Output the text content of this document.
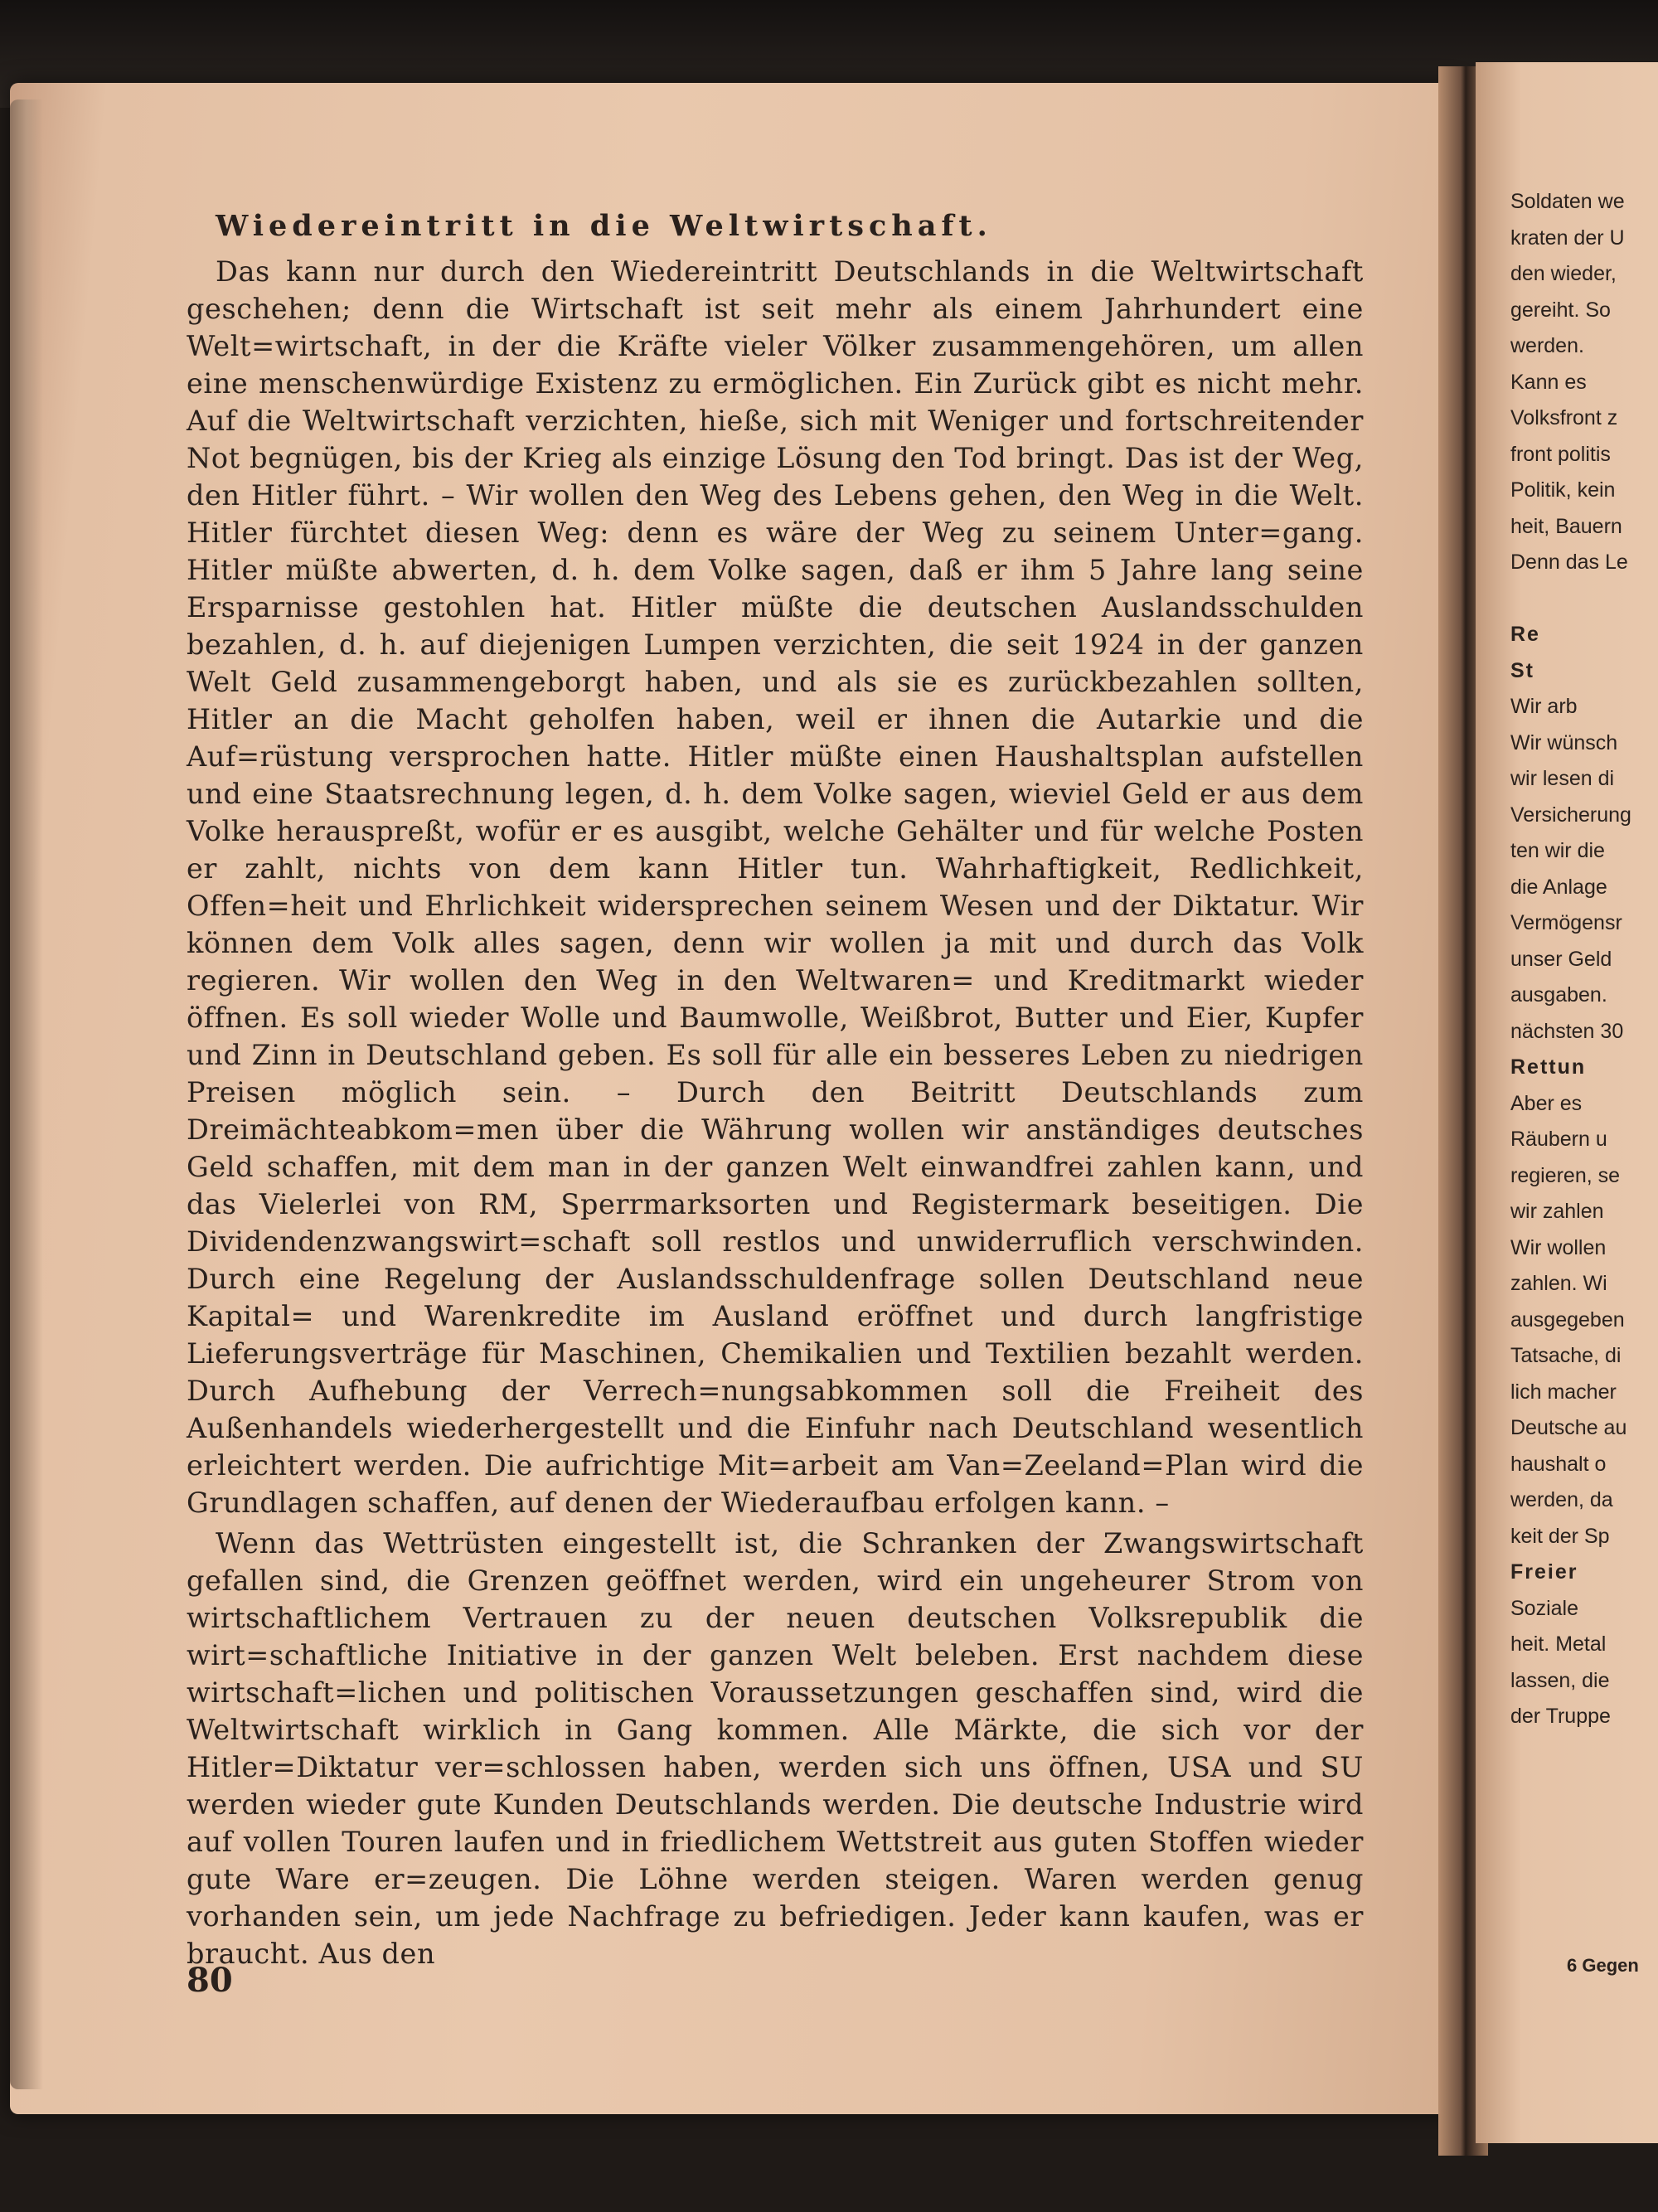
Wiedereintritt in die Weltwirtschaft.

Das kann nur durch den Wiedereintritt Deutschlands in die Weltwirtschaft geschehen; denn die Wirtschaft ist seit mehr als einem Jahrhundert eine Welt=wirtschaft, in der die Kräfte vieler Völker zusammengehören, um allen eine menschenwürdige Existenz zu ermöglichen. Ein Zurück gibt es nicht mehr. Auf die Weltwirtschaft verzichten, hieße, sich mit Weniger und fortschreitender Not begnügen, bis der Krieg als einzige Lösung den Tod bringt. Das ist der Weg, den Hitler führt. – Wir wollen den Weg des Lebens gehen, den Weg in die Welt. Hitler fürchtet diesen Weg: denn es wäre der Weg zu seinem Unter=gang. Hitler müßte abwerten, d. h. dem Volke sagen, daß er ihm 5 Jahre lang seine Ersparnisse gestohlen hat. Hitler müßte die deutschen Auslandsschulden bezahlen, d. h. auf diejenigen Lumpen verzichten, die seit 1924 in der ganzen Welt Geld zusammengeborgt haben, und als sie es zurückbezahlen sollten, Hitler an die Macht geholfen haben, weil er ihnen die Autarkie und die Auf=rüstung versprochen hatte. Hitler müßte einen Haushaltsplan aufstellen und eine Staatsrechnung legen, d. h. dem Volke sagen, wieviel Geld er aus dem Volke herauspreßt, wofür er es ausgibt, welche Gehälter und für welche Posten er zahlt, nichts von dem kann Hitler tun. Wahrhaftigkeit, Redlichkeit, Offen=heit und Ehrlichkeit widersprechen seinem Wesen und der Diktatur. Wir können dem Volk alles sagen, denn wir wollen ja mit und durch das Volk regieren. Wir wollen den Weg in den Weltwaren= und Kreditmarkt wieder öffnen. Es soll wieder Wolle und Baumwolle, Weißbrot, Butter und Eier, Kupfer und Zinn in Deutschland geben. Es soll für alle ein besseres Leben zu niedrigen Preisen möglich sein. – Durch den Beitritt Deutschlands zum Dreimächteabkom=men über die Währung wollen wir anständiges deutsches Geld schaffen, mit dem man in der ganzen Welt einwandfrei zahlen kann, und das Vielerlei von RM, Sperrmarksorten und Registermark beseitigen. Die Dividendenzwangswirt=schaft soll restlos und unwiderruflich verschwinden. Durch eine Regelung der Auslandsschuldenfrage sollen Deutschland neue Kapital= und Warenkredite im Ausland eröffnet und durch langfristige Lieferungsverträge für Maschinen, Chemikalien und Textilien bezahlt werden. Durch Aufhebung der Verrech=nungsabkommen soll die Freiheit des Außenhandels wiederhergestellt und die Einfuhr nach Deutschland wesentlich erleichtert werden. Die aufrichtige Mit=arbeit am Van=Zeeland=Plan wird die Grundlagen schaffen, auf denen der Wiederaufbau erfolgen kann. –

Wenn das Wettrüsten eingestellt ist, die Schranken der Zwangswirtschaft gefallen sind, die Grenzen geöffnet werden, wird ein ungeheurer Strom von wirtschaftlichem Vertrauen zu der neuen deutschen Volksrepublik die wirt=schaftliche Initiative in der ganzen Welt beleben. Erst nachdem diese wirtschaft=lichen und politischen Voraussetzungen geschaffen sind, wird die Weltwirtschaft wirklich in Gang kommen. Alle Märkte, die sich vor der Hitler=Diktatur ver=schlossen haben, werden sich uns öffnen, USA und SU werden wieder gute Kunden Deutschlands werden. Die deutsche Industrie wird auf vollen Touren laufen und in friedlichem Wettstreit aus guten Stoffen wieder gute Ware er=zeugen. Die Löhne werden steigen. Waren werden genug vorhanden sein, um jede Nachfrage zu befriedigen. Jeder kann kaufen, was er braucht. Aus den

80
Soldaten we
kraten der U
den wieder,
gereiht. So
werden.
Kann es
Volksfront z
front politis
Politik, kein
heit, Bauern
Denn das Le
Re
St
Wir arb
Wir wünsch
wir lesen di
Versicherung
ten wir die
die Anlage
Vermögensr
unser Geld
ausgaben.
nächsten 30
Rettun
Aber es
Räubern u
regieren, se
wir zahlen
Wir wollen
zahlen. Wi
ausgegeben
Tatsache, di
lich macher
Deutsche au
haushalt o
werden, da
keit der Sp
Freier
Soziale
heit. Metal
lassen, die
der Truppe
6 Gegen
